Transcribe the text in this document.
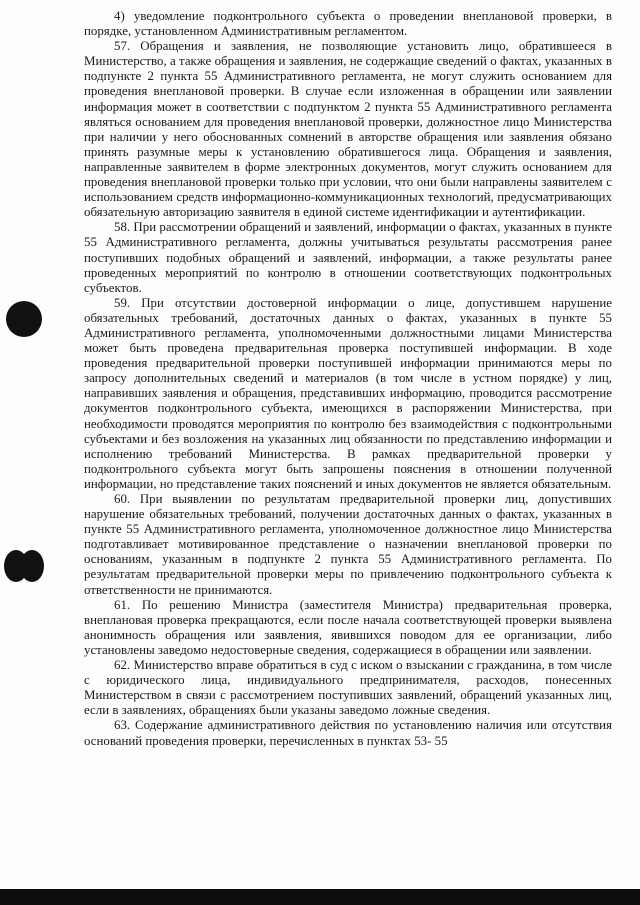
4) уведомление подконтрольного субъекта о проведении внеплановой проверки, в порядке, установленном Административным регламентом.

57. Обращения и заявления, не позволяющие установить лицо, обратившееся в Министерство, а также обращения и заявления, не содержащие сведений о фактах, указанных в подпункте 2 пункта 55 Административного регламента, не могут служить основанием для проведения внеплановой проверки. В случае если изложенная в обращении или заявлении информация может в соответствии с подпунктом 2 пункта 55 Административного регламента являться основанием для проведения внеплановой проверки, должностное лицо Министерства при наличии у него обоснованных сомнений в авторстве обращения или заявления обязано принять разумные меры к установлению обратившегося лица. Обращения и заявления, направленные заявителем в форме электронных документов, могут служить основанием для проведения внеплановой проверки только при условии, что они были направлены заявителем с использованием средств информационно-коммуникационных технологий, предусматривающих обязательную авторизацию заявителя в единой системе идентификации и аутентификации.

58. При рассмотрении обращений и заявлений, информации о фактах, указанных в пункте 55 Административного регламента, должны учитываться результаты рассмотрения ранее поступивших подобных обращений и заявлений, информации, а также результаты ранее проведенных мероприятий по контролю в отношении соответствующих подконтрольных субъектов.

59. При отсутствии достоверной информации о лице, допустившем нарушение обязательных требований, достаточных данных о фактах, указанных в пункте 55 Административного регламента, уполномоченными должностными лицами Министерства может быть проведена предварительная проверка поступившей информации. В ходе проведения предварительной проверки поступившей информации принимаются меры по запросу дополнительных сведений и материалов (в том числе в устном порядке) у лиц, направивших заявления и обращения, представивших информацию, проводится рассмотрение документов подконтрольного субъекта, имеющихся в распоряжении Министерства, при необходимости проводятся мероприятия по контролю без взаимодействия с подконтрольными субъектами и без возложения на указанных лиц обязанности по представлению информации и исполнению требований Министерства. В рамках предварительной проверки у подконтрольного субъекта могут быть запрошены пояснения в отношении полученной информации, но представление таких пояснений и иных документов не является обязательным.

60. При выявлении по результатам предварительной проверки лиц, допустивших нарушение обязательных требований, получении достаточных данных о фактах, указанных в пункте 55 Административного регламента, уполномоченное должностное лицо Министерства подготавливает мотивированное представление о назначении внеплановой проверки по основаниям, указанным в подпункте 2 пункта 55 Административного регламента. По результатам предварительной проверки меры по привлечению подконтрольного субъекта к ответственности не принимаются.

61. По решению Министра (заместителя Министра) предварительная проверка, внеплановая проверка прекращаются, если после начала соответствующей проверки выявлена анонимность обращения или заявления, явившихся поводом для ее организации, либо установлены заведомо недостоверные сведения, содержащиеся в обращении или заявлении.

62. Министерство вправе обратиться в суд с иском о взыскании с гражданина, в том числе с юридического лица, индивидуального предпринимателя, расходов, понесенных Министерством в связи с рассмотрением поступивших заявлений, обращений указанных лиц, если в заявлениях, обращениях были указаны заведомо ложные сведения.

63. Содержание административного действия по установлению наличия или отсутствия оснований проведения проверки, перечисленных в пунктах 53- 55
